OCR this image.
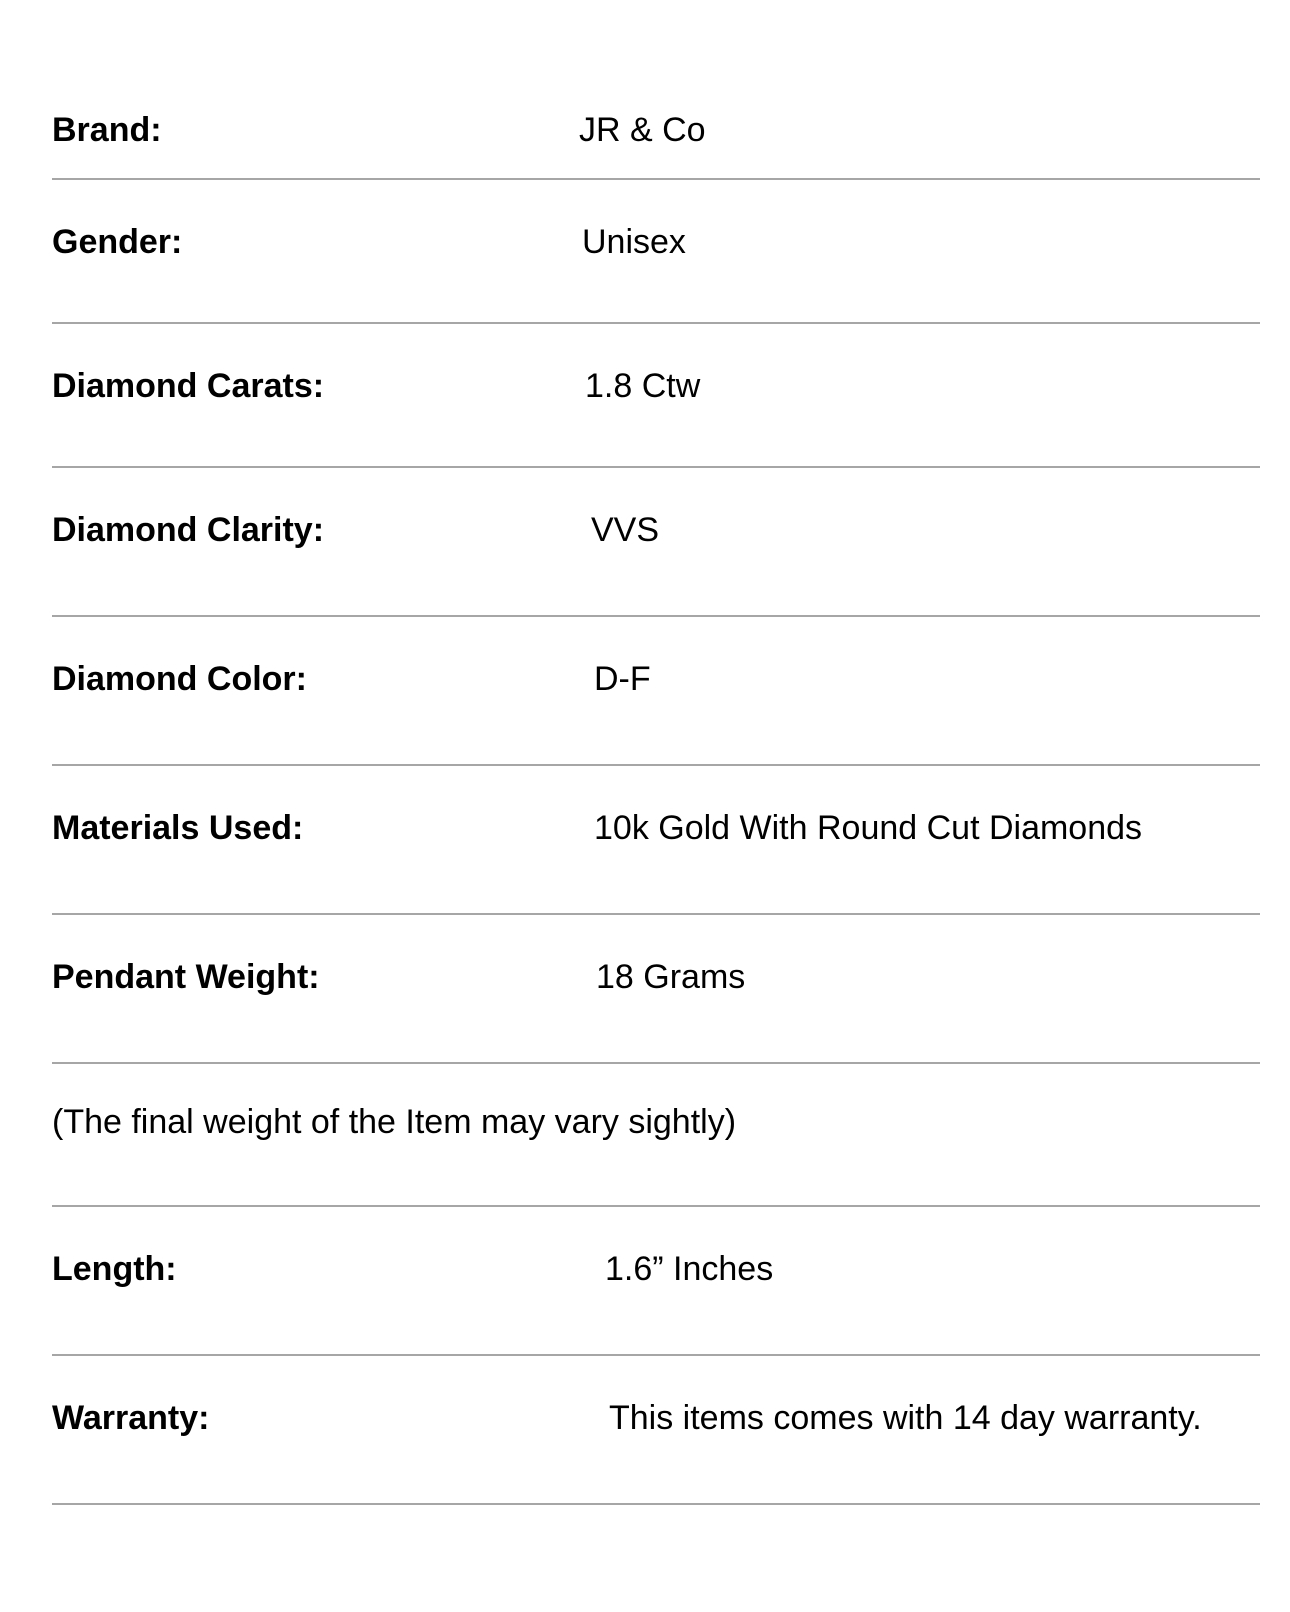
Brand:	JR & Co
Gender:	Unisex
Diamond Carats:	1.8 Ctw
Diamond Clarity:	VVS
Diamond Color:	D-F
Materials Used:	10k Gold With Round Cut Diamonds
Pendant Weight:	18 Grams
(The final weight of the Item may vary sightly)
Length:	1.6” Inches
Warranty:	This items comes with 14 day warranty.
